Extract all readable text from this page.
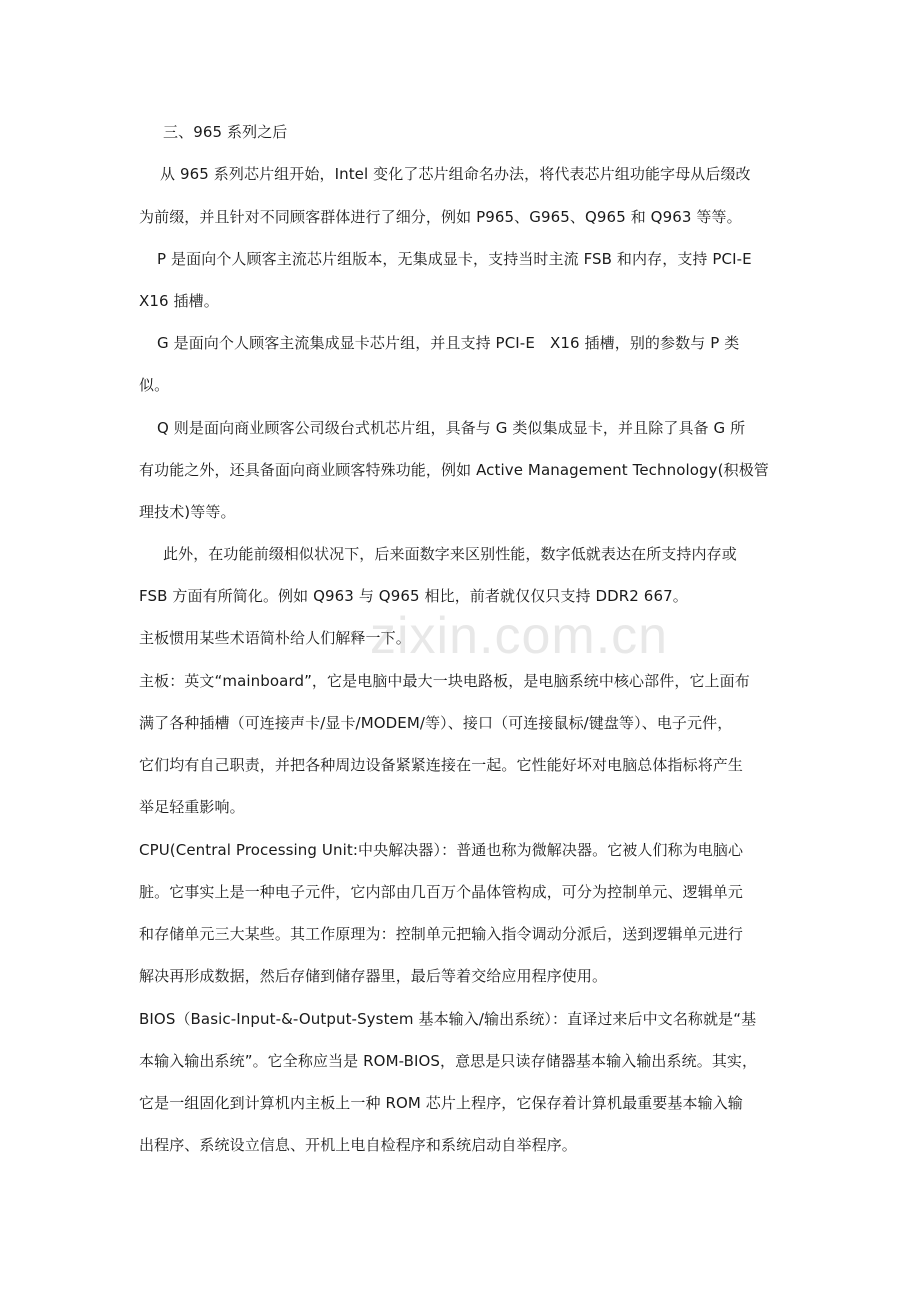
三、965 系列之后
从 965 系列芯片组开始，Intel 变化了芯片组命名办法，将代表芯片组功能字母从后缀改
为前缀，并且针对不同顾客群体进行了细分，例如 P965、G965、Q965 和 Q963 等等。
P 是面向个人顾客主流芯片组版本，无集成显卡，支持当时主流 FSB 和内存，支持 PCI-E
X16 插槽。
G 是面向个人顾客主流集成显卡芯片组，并且支持 PCI-E　X16 插槽，别的参数与 P 类
似。
Q 则是面向商业顾客公司级台式机芯片组，具备与 G 类似集成显卡，并且除了具备 G 所
有功能之外，还具备面向商业顾客特殊功能，例如 Active Management Technology(积极管
理技术)等等。
此外，在功能前缀相似状况下，后来面数字来区别性能，数字低就表达在所支持内存或
FSB 方面有所简化。例如 Q963 与 Q965 相比，前者就仅仅只支持 DDR2 667。
主板惯用某些术语简朴给人们解释一下。
主板：英文“mainboard”，它是电脑中最大一块电路板，是电脑系统中核心部件，它上面布
满了各种插槽（可连接声卡/显卡/MODEM/等）、接口（可连接鼠标/键盘等）、电子元件，
它们均有自己职责，并把各种周边设备紧紧连接在一起。它性能好坏对电脑总体指标将产生
举足轻重影响。
CPU(Central Processing Unit:中央解决器）：普通也称为微解决器。它被人们称为电脑心
脏。它事实上是一种电子元件，它内部由几百万个晶体管构成，可分为控制单元、逻辑单元
和存储单元三大某些。其工作原理为：控制单元把输入指令调动分派后，送到逻辑单元进行
解决再形成数据，然后存储到储存器里，最后等着交给应用程序使用。
BIOS（Basic-Input-&-Output-System 基本输入/输出系统）：直译过来后中文名称就是“基
本输入输出系统”。它全称应当是 ROM-BIOS，意思是只读存储器基本输入输出系统。其实，
它是一组固化到计算机内主板上一种 ROM 芯片上程序，它保存着计算机最重要基本输入输
出程序、系统设立信息、开机上电自检程序和系统启动自举程序。
zixin.com.cn
